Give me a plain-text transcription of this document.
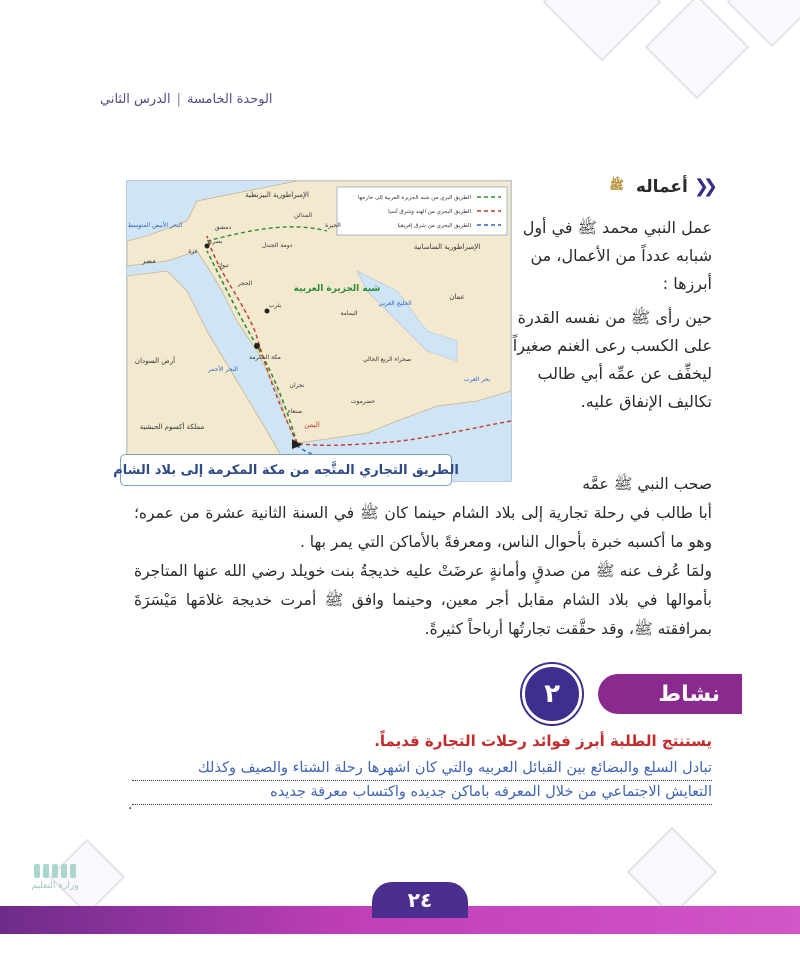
الوحدة الخامسة|الدرس الثاني
❮❮
أعماله
ﷺ

عمل النبي محمد ﷺ في أول شبابه عدداً من الأعمال، من أبرزها :

حين رأى ﷺ من نفسه القدرة على الكسب رعى الغنم صغيراً ليخفِّف عن عمِّه أبي طالب تكاليف الإنفاق عليه.

شبه الجزيرة العربية
الإمبراطورية البيزنطية
الإمبراطورية الساسانية
مصر
أرض السودان
مملكة أكسوم الحبشية	اليمن
عمان
مكة المكرمة
يثرب
دمشق
بصرى
غزة
المدائن
البحر الأبيض المتوسط
البحر الأحمر
الخليج العربي
بحر العرب
صحراء الربع الخالي
نجران
صنعاء
تبوك
دومة الجندل
الحجر
اليمامة
الحيرة
حضرموت
الطريق البري من شبه الجزيرة العربية إلى خارجها
الطريق البحري من الهند وشرق آسيا
الطريق البحري من شرق إفريقيا
الطريق التجاري المتَّجه من مكة المكرمة إلى بلاد الشام

صحب النبي ﷺ عمَّه

أبا طالب في رحلة تجارية إلى بلاد الشام حينما كان ﷺ في السنة الثانية عشرة من عمره؛ وهو ما أكسبه خبرة بأحوال الناس، ومعرفةً بالأماكن التي يمر بها .

ولمَا عُرف عنه ﷺ من صدقٍ وأمانةٍ عرضَتْ عليه خديجةُ بنت خويلد رضي الله عنها المتاجرة بأموالها في بلاد الشام مقابل أجر معين، وحينما وافق ﷺ أمرت خديجة غلامَها مَيْسَرَةَ بمرافقته ﷺ، وقد حقَّقت تجارتُها أرباحاً كثيرةً.

نشاط
٢
يستنتج الطلبة أبرز فوائد رحلات التجارة قديماً.
تبادل السلع والبضائع بين القبائل العربيه والتي كان اشهرها رحلة الشتاء والصيف وكذلك
التعايش الاجتماعي من خلال المعرفه باماكن جديده واكتساب معرفة جديده
.
وزارة التعليم
٢٤
